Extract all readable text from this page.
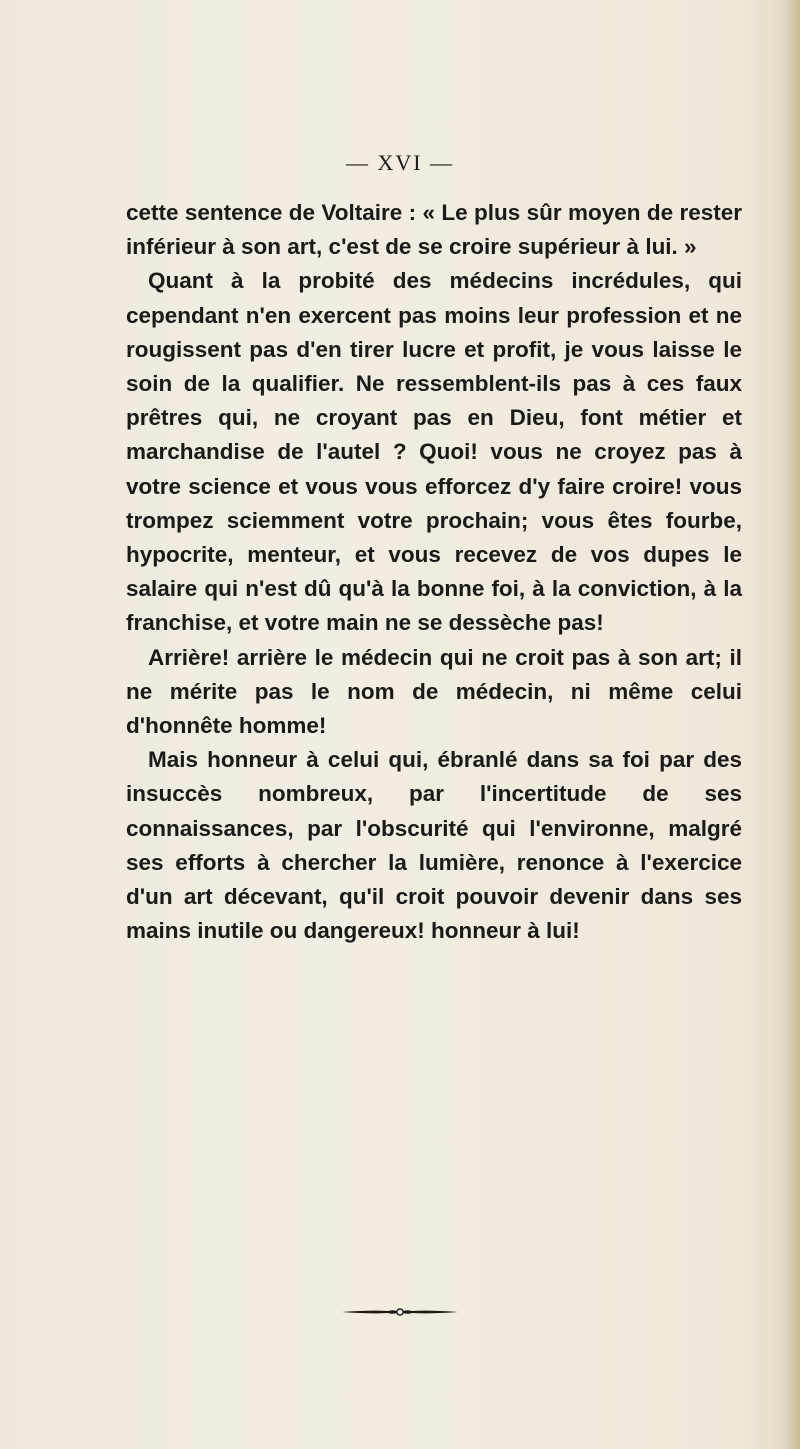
— XVI —

cette sentence de Voltaire : « Le plus sûr moyen de rester inférieur à son art, c'est de se croire supérieur à lui. »

Quant à la probité des médecins incrédules, qui cependant n'en exercent pas moins leur profession et ne rougissent pas d'en tirer lucre et profit, je vous laisse le soin de la qualifier. Ne ressemblent-ils pas à ces faux prêtres qui, ne croyant pas en Dieu, font métier et marchandise de l'autel ? Quoi! vous ne croyez pas à votre science et vous vous efforcez d'y faire croire! vous trompez sciemment votre prochain; vous êtes fourbe, hypocrite, menteur, et vous recevez de vos dupes le salaire qui n'est dû qu'à la bonne foi, à la conviction, à la franchise, et votre main ne se dessèche pas!

Arrière! arrière le médecin qui ne croit pas à son art; il ne mérite pas le nom de médecin, ni même celui d'honnête homme!

Mais honneur à celui qui, ébranlé dans sa foi par des insuccès nombreux, par l'incertitude de ses connaissances, par l'obscurité qui l'environne, malgré ses efforts à chercher la lumière, renonce à l'exercice d'un art décevant, qu'il croit pouvoir devenir dans ses mains inutile ou dangereux! honneur à lui!
